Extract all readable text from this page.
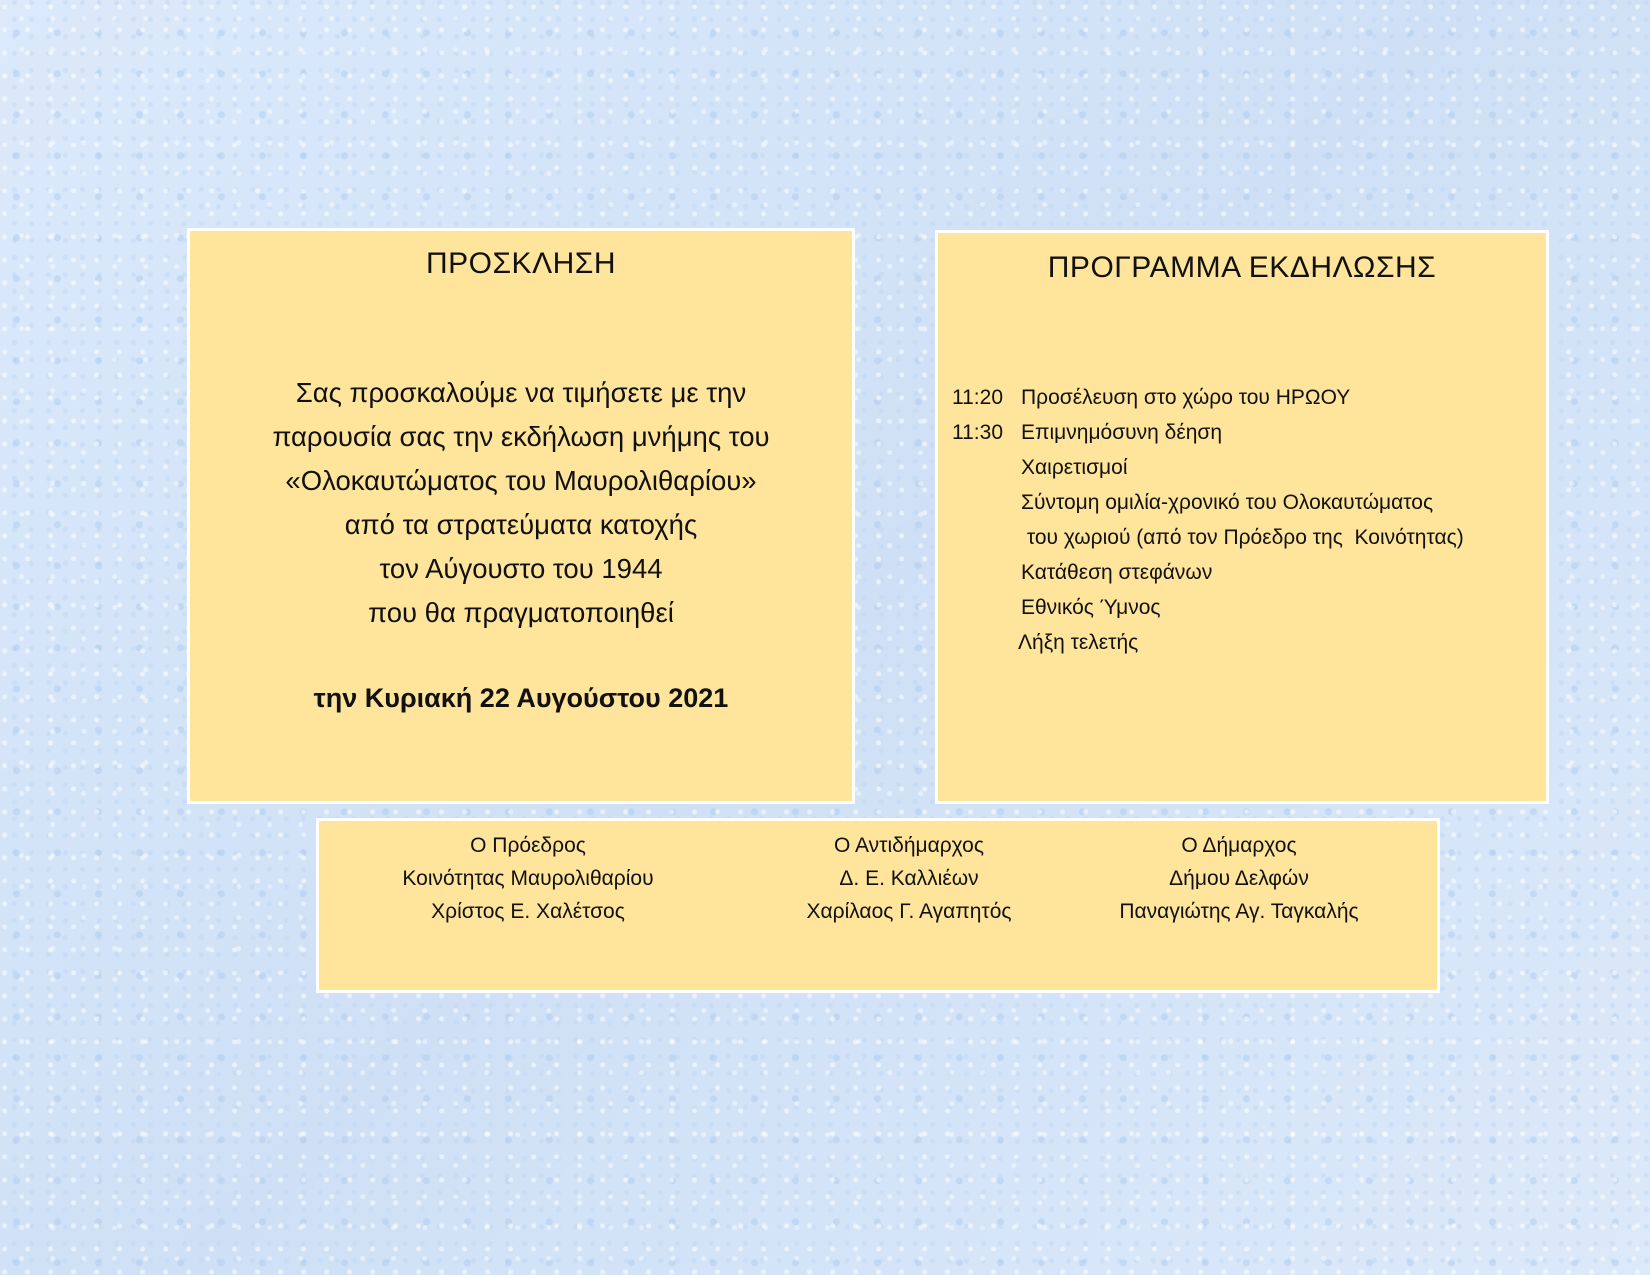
ΠΡΟΣΚΛΗΣΗ
Σας προσκαλούμε να τιμήσετε με την
παρουσία σας την εκδήλωση μνήμης του
«Ολοκαυτώματος του Μαυρολιθαρίου»
από τα στρατεύματα κατοχής
τον Αύγουστο του 1944
που θα πραγματοποιηθεί
την Κυριακή 22 Αυγούστου 2021
ΠΡΟΓΡΑΜΜΑ ΕΚΔΗΛΩΣΗΣ
11:20 Προσέλευση στο χώρο του ΗΡΩΟΥ
11:30 Επιμνημόσυνη δέηση
Χαιρετισμοί
Σύντομη ομιλία-χρονικό του Ολοκαυτώματος
του χωριού (από τον Πρόεδρο της  Κοινότητας)
Κατάθεση στεφάνων
Εθνικός Ύμνος
Λήξη τελετής
Ο Πρόεδρος
Κοινότητας Μαυρολιθαρίου
Χρίστος Ε. Χαλέτσος
Ο Αντιδήμαρχος
Δ. Ε. Καλλιέων
Χαρίλαος Γ. Αγαπητός
Ο Δήμαρχος
Δήμου Δελφών
Παναγιώτης Αγ. Ταγκαλής
